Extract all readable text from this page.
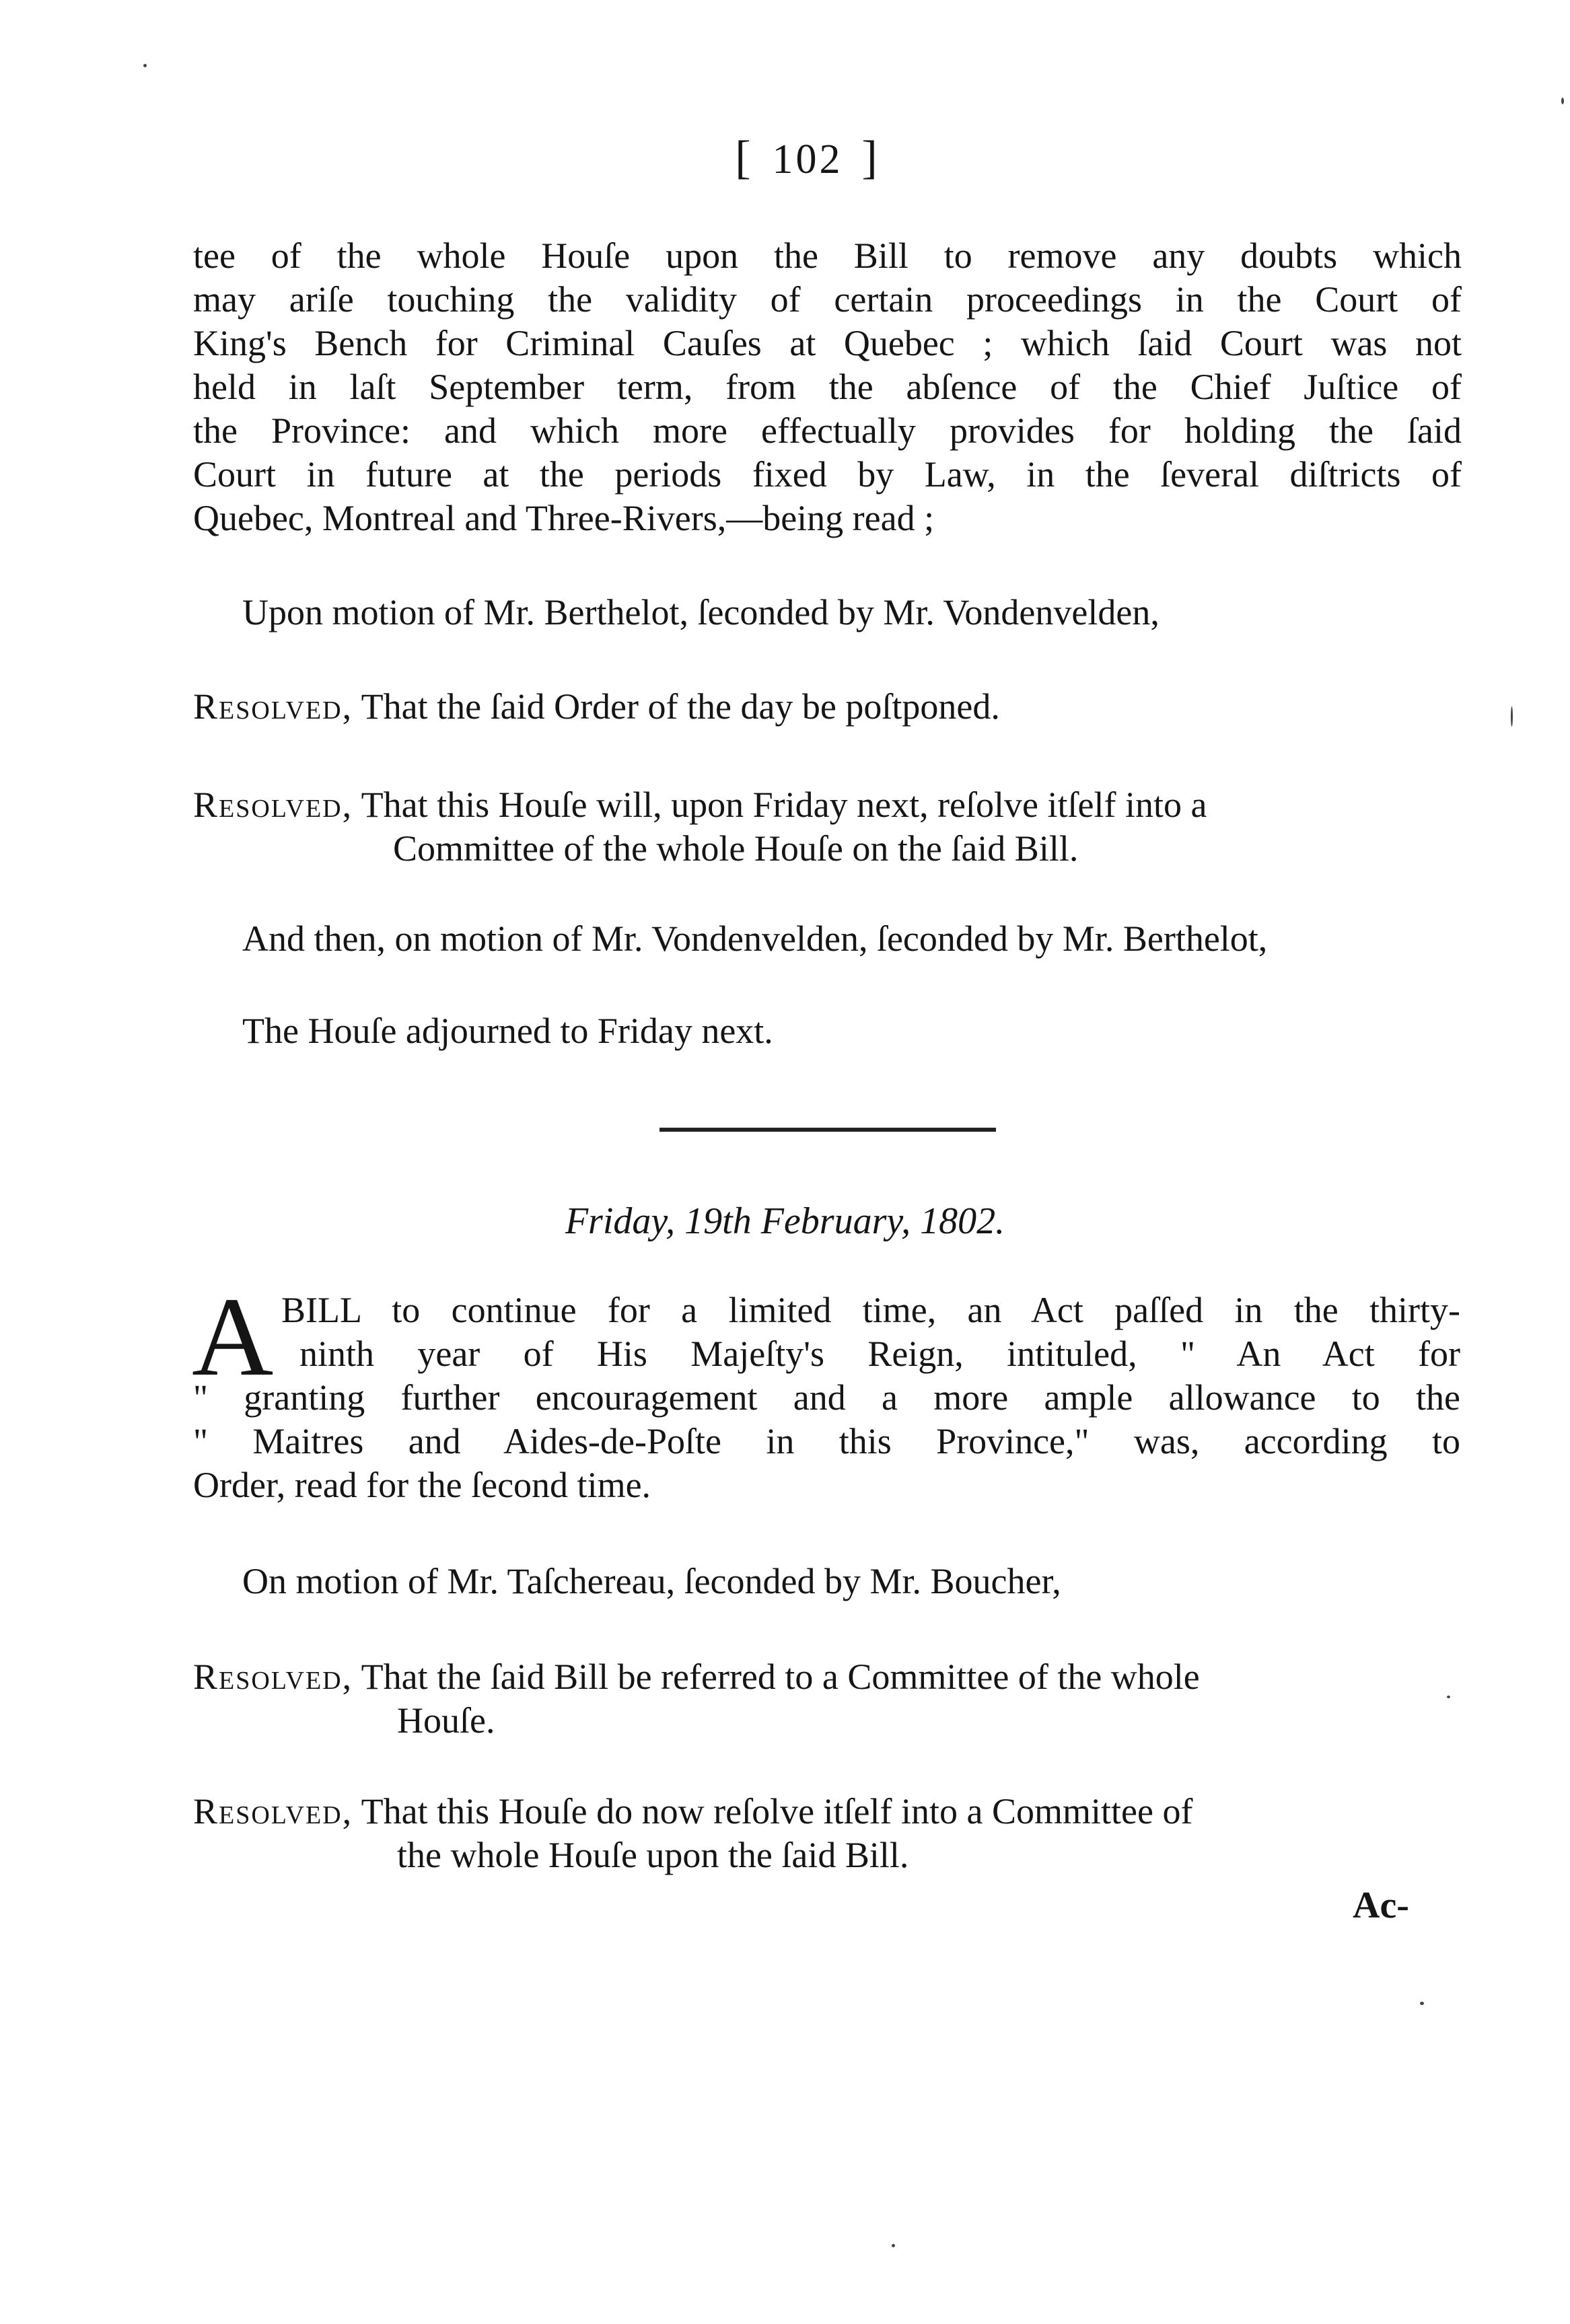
[ 102 ]
tee of the whole Houſe upon the Bill to remove any doubts which
may ariſe touching the validity of certain proceedings in the Court of
King's Bench for Criminal Cauſes at Quebec ; which ſaid Court was not
held in laſt September term, from the abſence of the Chief Juſtice of
the Province: and which more effectually provides for holding the ſaid
Court in future at the periods fixed by Law, in the ſeveral diſtricts of
Quebec, Montreal and Three-Rivers,—being read ;
Upon motion of Mr. Berthelot, ſeconded by Mr. Vondenvelden,
Resolved, That the ſaid Order of the day be poſtponed.
Resolved, That this Houſe will, upon Friday next, reſolve itſelf into a
Committee of the whole Houſe on the ſaid Bill.
And then, on motion of Mr. Vondenvelden, ſeconded by Mr. Berthelot,
The Houſe adjourned to Friday next.
Friday, 19th February, 1802.
A BILL to continue for a limited time, an Act paſſed in the thirty-
ninth year of His Majeſty's Reign, intituled, " An Act for
" granting further encouragement and a more ample allowance to the
" Maitres and Aides-de-Poſte in this Province," was, according to
Order, read for the ſecond time.
On motion of Mr. Taſchereau, ſeconded by Mr. Boucher,
Resolved, That the ſaid Bill be referred to a Committee of the whole
Houſe.
Resolved, That this Houſe do now reſolve itſelf into a Committee of
the whole Houſe upon the ſaid Bill.
Ac-
